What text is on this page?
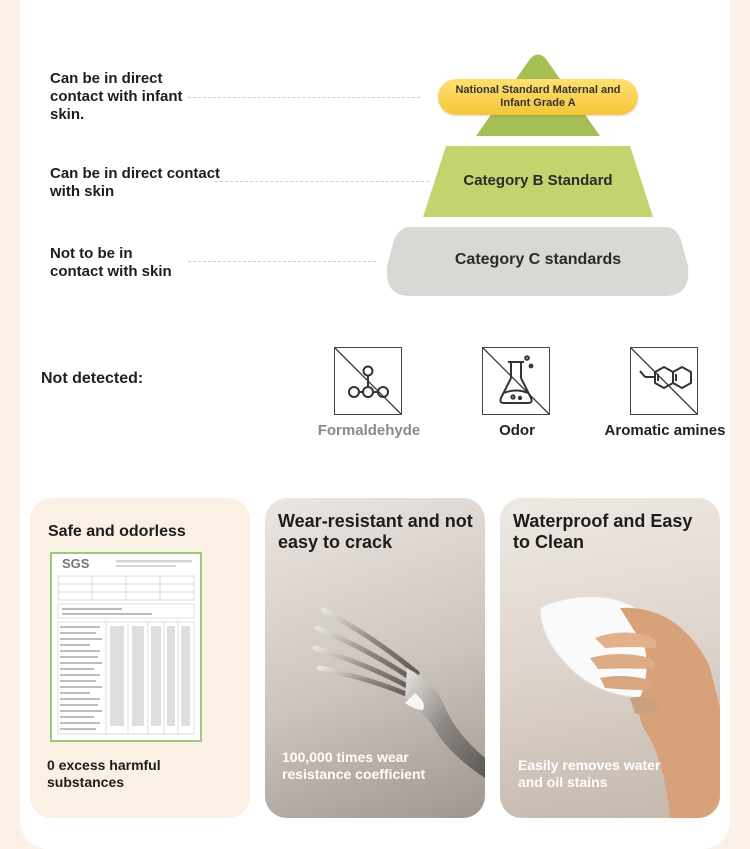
Can be in direct contact with infant skin.
Can be in direct contact with skin
Not to be in contact with skin
National Standard Maternal and Infant Grade A
Category B Standard
Category C standards
Not detected:
Formaldehyde	Odor	Aromatic amines
Safe and odorless
SGS
0 excess harmful substances
Wear-resistant and not easy to crack
100,000 times wear resistance coefficient
Waterproof and Easy to Clean
Easily removes water and oil stains
